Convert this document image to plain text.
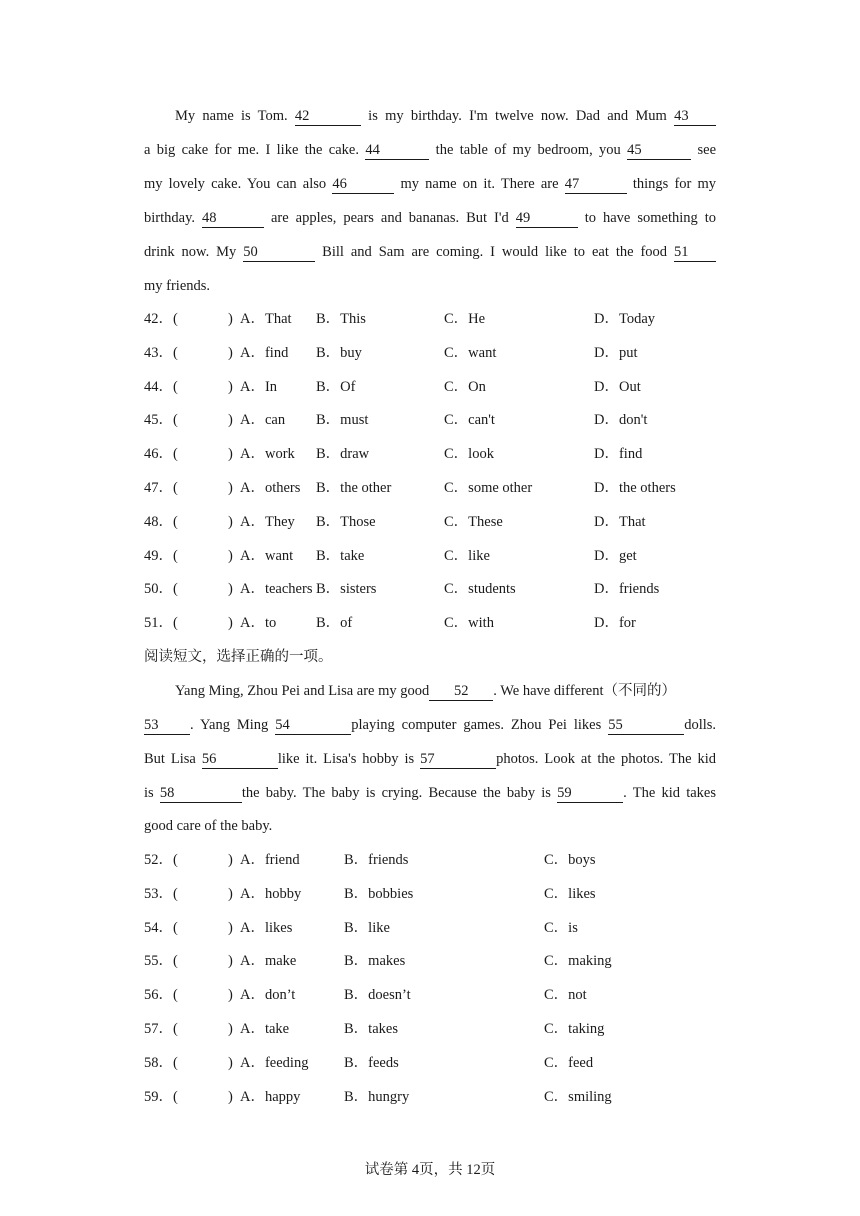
My name is Tom. 42	is my birthday. I'm twelve now. Dad and Mum 43
a big cake for me. I like the cake. 44	the table of my bedroom, you 45	see
my lovely cake. You can also 46	my name on it. There are 47	things for my
birthday. 48	are apples, pears and bananas. But I'd 49	to have something to
drink now. My 50	Bill and Sam are coming. I would like to eat the food 51
my friends.
42．(	) A．That B．This	C．He	D．Today
43．(	) A．find B．buy	C．want	D．put
44．(	) A．In	B．Of	C．On	D．Out
45．(	) A．can B．must	C．can't	D．don't
46．(	) A．work B．draw	C．look	D．find
47．(	) A．others B．the other	C．some other	D．the others
48．(	) A．They B．Those	C．These	D．That
49．(	) A．want B．take	C．like	D．get
50．(	) A．teachers B．sisters	C．students	D．friends
51．(	) A．to	B．of	C．with	D．for
阅读短文，选择正确的一项。
Yang Ming, Zhou Pei and Lisa are my good 52 . We have different（不同的）
53 . Yang Ming 54	playing computer games. Zhou Pei likes 55	dolls.
But Lisa 56	like it. Lisa's hobby is 57	photos. Look at the photos. The kid
is 58	the baby. The baby is crying. Because the baby is 59	. The kid takes
good care of the baby.
52．(	) A．friend	B．friends	C．boys
53．(	) A．hobby	B．bobbies	C．likes
54．(	) A．likes	B．like	C．is
55．(	) A．make	B．makes	C．making
56．(	) A．don’t	B．doesn’t	C．not
57．(	) A．take	B．takes	C．taking
58．(	) A．feeding B．feeds	C．feed
59．(	) A．happy	B．hungry	C．smiling
试卷第 4页，共 12页
